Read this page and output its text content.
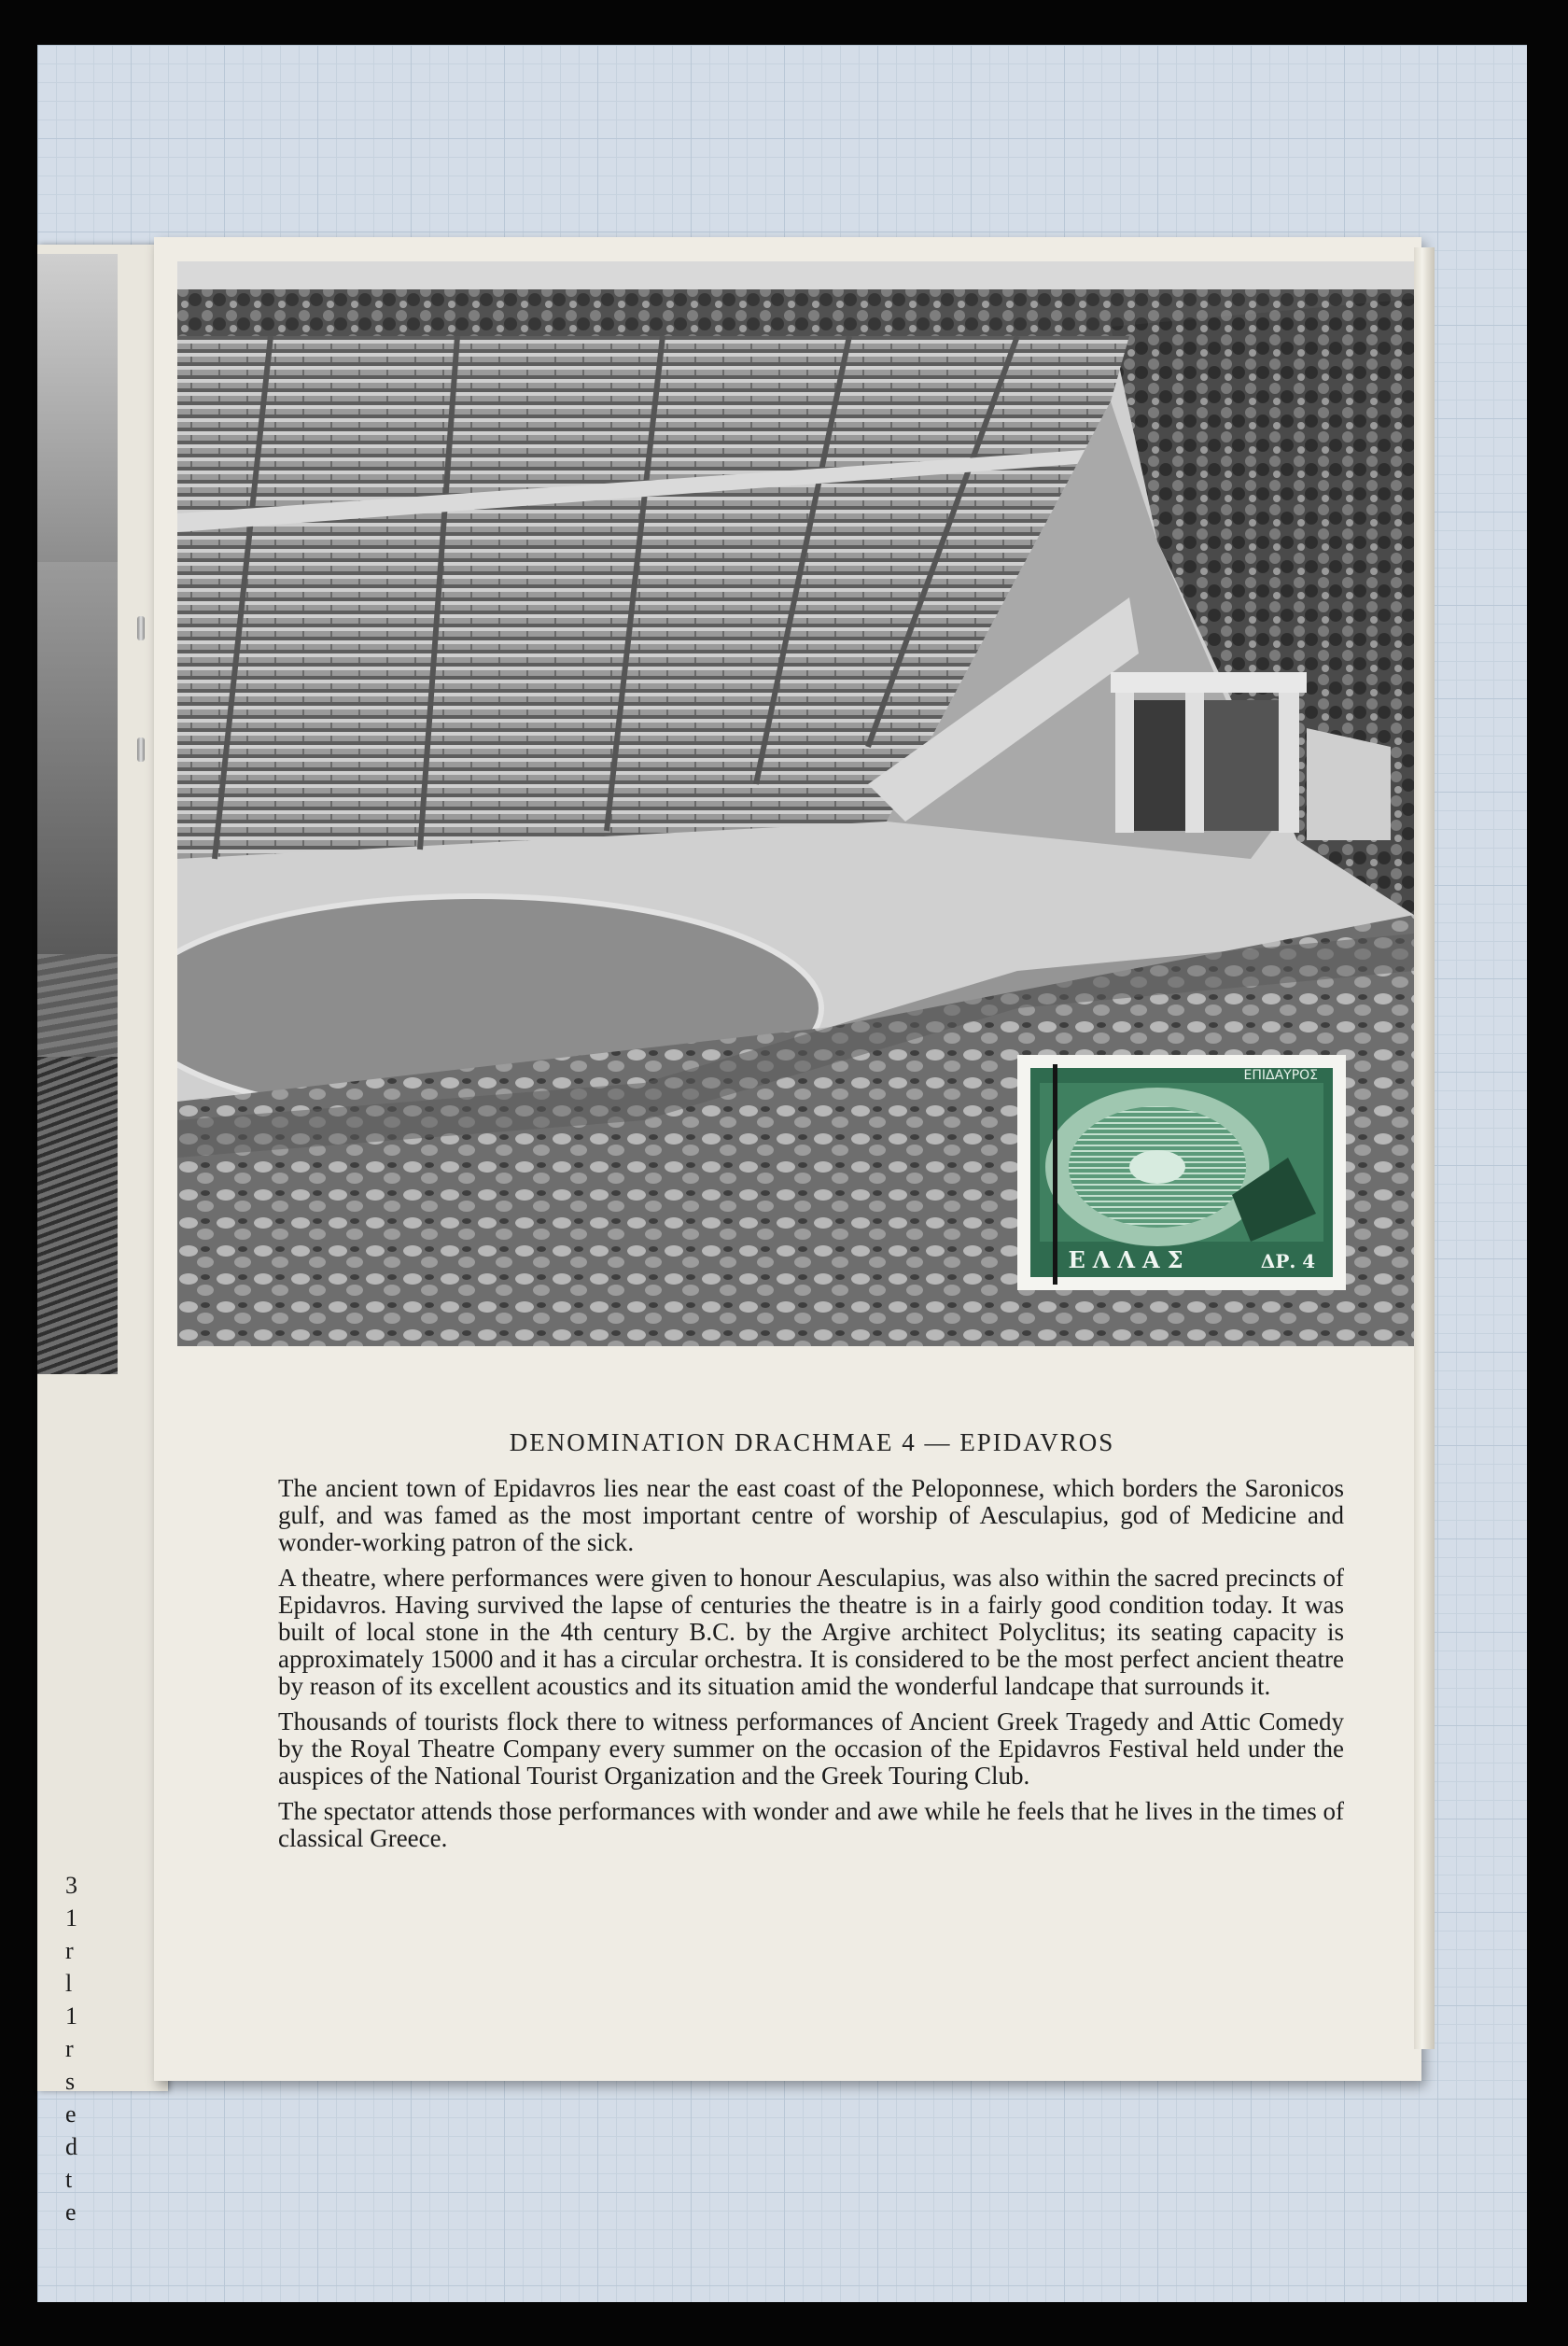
3
1
r
l
1
r
s
e
d
t
e
ΕΠΙΔΑΥΡΟΣ
ΕΛΛΑΣ	ΔΡ. 4
DENOMINATION DRACHMAE 4 — EPIDAVROS

The ancient town of Epidavros lies near the east coast of the Peloponnese, which borders the Saronicos gulf, and was famed as the most important centre of worship of Aesculapius, god of Medicine and wonder-working patron of the sick.

A theatre, where performances were given to honour Aesculapius, was also within the sacred precincts of Epidavros. Having survived the lapse of centuries the theatre is in a fairly good condition today. It was built of local stone in the 4th century B.C. by the Argive architect Polyclitus; its seating capacity is approximately 15000 and it has a circular orchestra. It is considered to be the most perfect ancient theatre by reason of its excellent acoustics and its situation amid the wonderful landcape that surrounds it.

Thousands of tourists flock there to witness performances of Ancient Greek Tragedy and Attic Comedy by the Royal Theatre Company every summer on the occasion of the Epidavros Festival held under the auspices of the National Tourist Organization and the Greek Touring Club.

The spectator attends those performances with wonder and awe while he feels that he lives in the times of classical Greece.
